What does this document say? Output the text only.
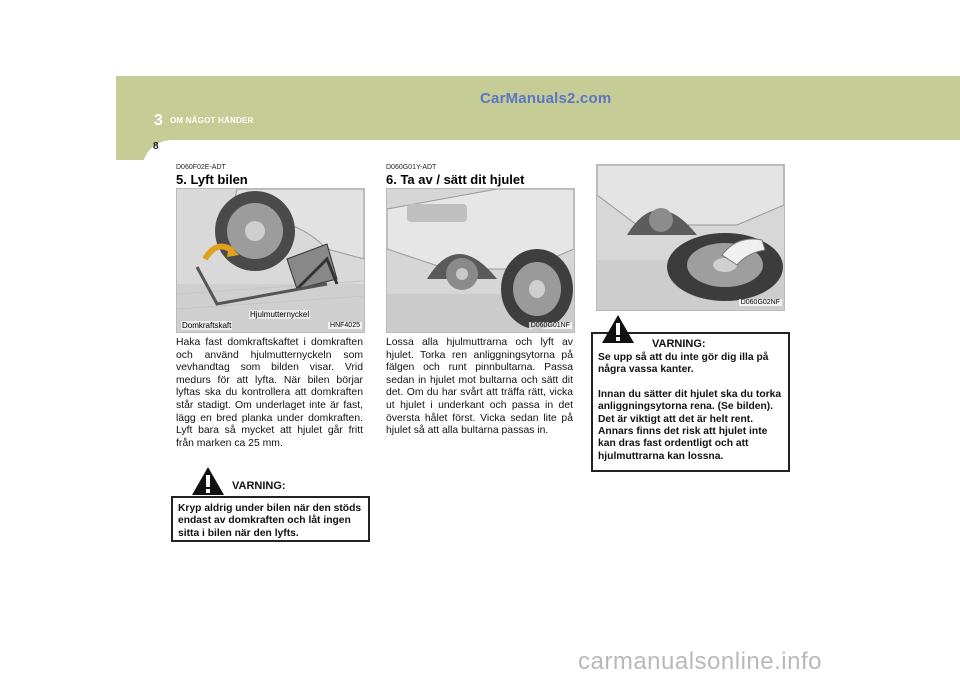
CarManuals2.com
3 OM NÅGOT HÄNDER
8
D060F02E-ADT
5. Lyft bilen
Hjulmutternyckel
Domkraftskaft	HNF4025
Haka fast domkraftskaftet i domkraften och använd hjulmutternyckeln som vevhandtag som bilden visar. Vrid medurs för att lyfta. När bilen börjar lyftas ska du kontrollera att domkraften står stadigt. Om underlaget inte är fast, lägg en bred planka under domkraften. Lyft bara så mycket att hjulet går fritt från marken ca 25 mm.
Kryp aldrig under bilen när den stöds endast av domkraften och låt ingen sitta i bilen när den lyfts.
VARNING:
D060G01Y-ADT
6. Ta av / sätt dit hjulet
D060G01NF
Lossa alla hjulmuttrarna och lyft av hjulet. Torka ren anliggningsytorna på fälgen och runt pinnbultarna. Passa sedan in hjulet mot bultarna och sätt dit det. Om du har svårt att träffa rätt, vicka ut hjulet i underkant och passa in det översta hålet först. Vicka sedan lite på hjulet så att alla bultarna passas in.
D060G02NF
Se upp så att du inte gör dig illa på några vassa kanter.
Innan du sätter dit hjulet ska du torka anliggningsytorna rena. (Se bilden). Det är viktigt att det är helt rent. Annars finns det risk att hjulet inte kan dras fast ordentligt och att hjulmuttrarna kan lossna.
VARNING:
carmanualsonline.info
